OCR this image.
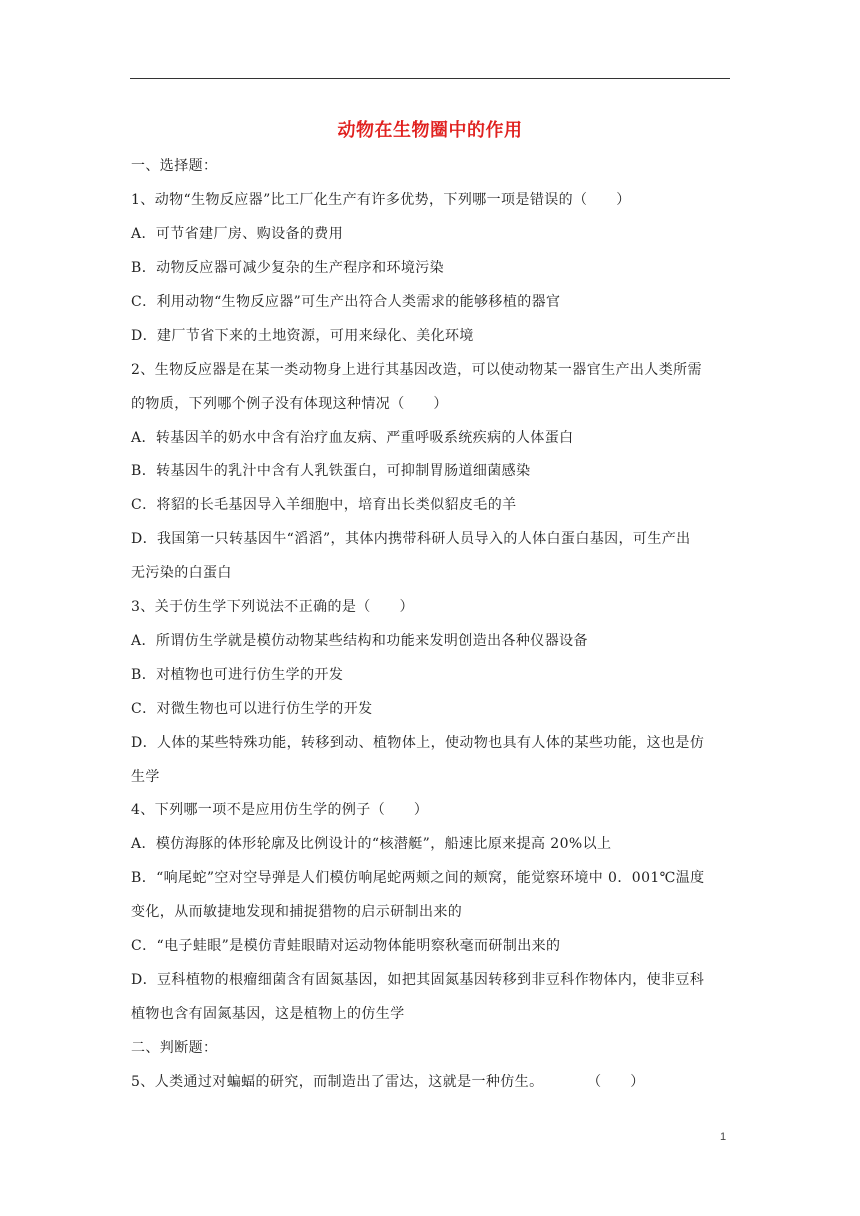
动物在生物圈中的作用
一、选择题：
1、动物“生物反应器”比工厂化生产有许多优势，下列哪一项是错误的（　　）
A．可节省建厂房、购设备的费用
B．动物反应器可减少复杂的生产程序和环境污染
C．利用动物“生物反应器”可生产出符合人类需求的能够移植的器官
D．建厂节省下来的土地资源，可用来绿化、美化环境
2、生物反应器是在某一类动物身上进行其基因改造，可以使动物某一器官生产出人类所需
的物质，下列哪个例子没有体现这种情况（　　）
A．转基因羊的奶水中含有治疗血友病、严重呼吸系统疾病的人体蛋白
B．转基因牛的乳汁中含有人乳铁蛋白，可抑制胃肠道细菌感染
C．将貂的长毛基因导入羊细胞中，培育出长类似貂皮毛的羊
D．我国第一只转基因牛“滔滔”，其体内携带科研人员导入的人体白蛋白基因，可生产出
无污染的白蛋白
3、关于仿生学下列说法不正确的是（　　）
A．所谓仿生学就是模仿动物某些结构和功能来发明创造出各种仪器设备
B．对植物也可进行仿生学的开发
C．对微生物也可以进行仿生学的开发
D．人体的某些特殊功能，转移到动、植物体上，使动物也具有人体的某些功能，这也是仿
生学
4、下列哪一项不是应用仿生学的例子（　　）
A．模仿海豚的体形轮廓及比例设计的“核潜艇”，船速比原来提高 20%以上
B．“响尾蛇”空对空导弹是人们模仿响尾蛇两颊之间的颊窝，能觉察环境中 0．001℃温度
变化，从而敏捷地发现和捕捉猎物的启示研制出来的
C．“电子蛙眼”是模仿青蛙眼睛对运动物体能明察秋毫而研制出来的
D．豆科植物的根瘤细菌含有固氮基因，如把其固氮基因转移到非豆科作物体内，使非豆科
植物也含有固氮基因，这是植物上的仿生学
二、判断题：
5、人类通过对蝙蝠的研究，而制造出了雷达，这就是一种仿生。　　　　（　　）
1
